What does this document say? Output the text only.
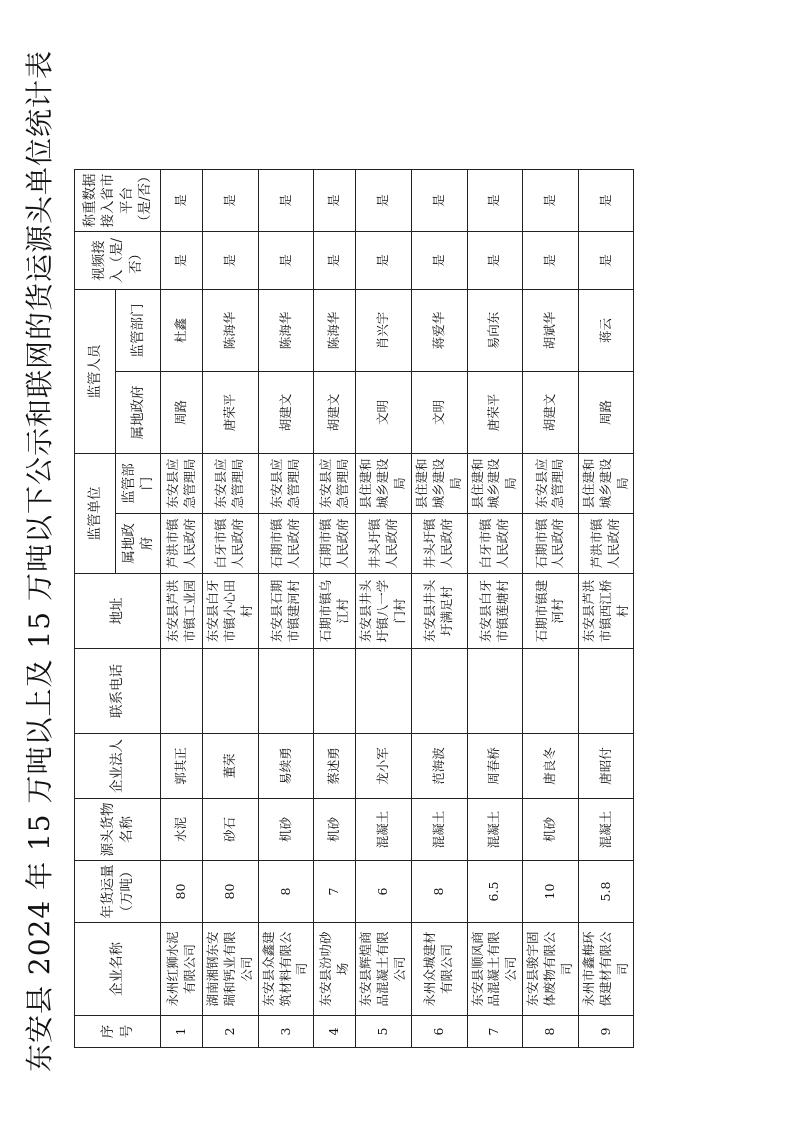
东安县 2024 年 15 万吨以上及 15 万吨以下公示和联网的货运源头单位统计表	序号	企业名称	年货运量（万吨）	源头货物名称	企业法人	联系电话	地址	监管单位		监管人员		视频接入（是/否）	称重数据接入省市平台（是/否）
							属地政府	监管部门	属地政府	监管部门		
1	永州红狮水泥有限公司	80	水泥	郭其正		东安县芦洪市镇工业园	芦洪市镇人民政府	东安县应急管理局	周路	杜鑫	是	是
2	湖南湘钢东安瑞和钙业有限公司	80	砂石	董荣		东安县白牙市镇小心田村	白牙市镇人民政府	东安县应急管理局	唐荣平	陈海华	是	是
3	东安县众鑫建筑材料有限公司	8	机砂	易续勇		东安县石期市镇建河村	石期市镇人民政府	东安县应急管理局	胡建文	陈海华	是	是
4	东安县汾叻砂场	7	机砂	蔡述勇		石期市镇乌江村	石期市镇人民政府	东安县应急管理局	胡建文	陈海华	是	是
5	东安县辉煌商品混凝土有限公司	6	混凝土	龙小军		东安县井头圩镇八一学门村	井头圩镇人民政府	县住建和城乡建设局	文明	肖兴宇	是	是
6	永州众城建材有限公司	8	混凝土	范海波		东安县井头圩满足村	井头圩镇人民政府	县住建和城乡建设局	文明	蒋爱华	是	是
7	东安县顺风商品混凝土有限公司	6.5	混凝土	周春桥		东安县白牙市镇莲塘村	白牙市镇人民政府	县住建和城乡建设局	唐荣平	易向东	是	是
8	东安县骏宇固体废物有限公司	10	机砂	唐良冬		石期市镇建河村	石期市镇人民政府	东安县应急管理局	胡建文	胡斌华	是	是
9	永州市鑫梅环保建材有限公司	5.8	混凝土	唐昭付		东安县芦洪市镇西江桥村	芦洪市镇人民政府	县住建和城乡建设局	周路	蒋云	是	是
